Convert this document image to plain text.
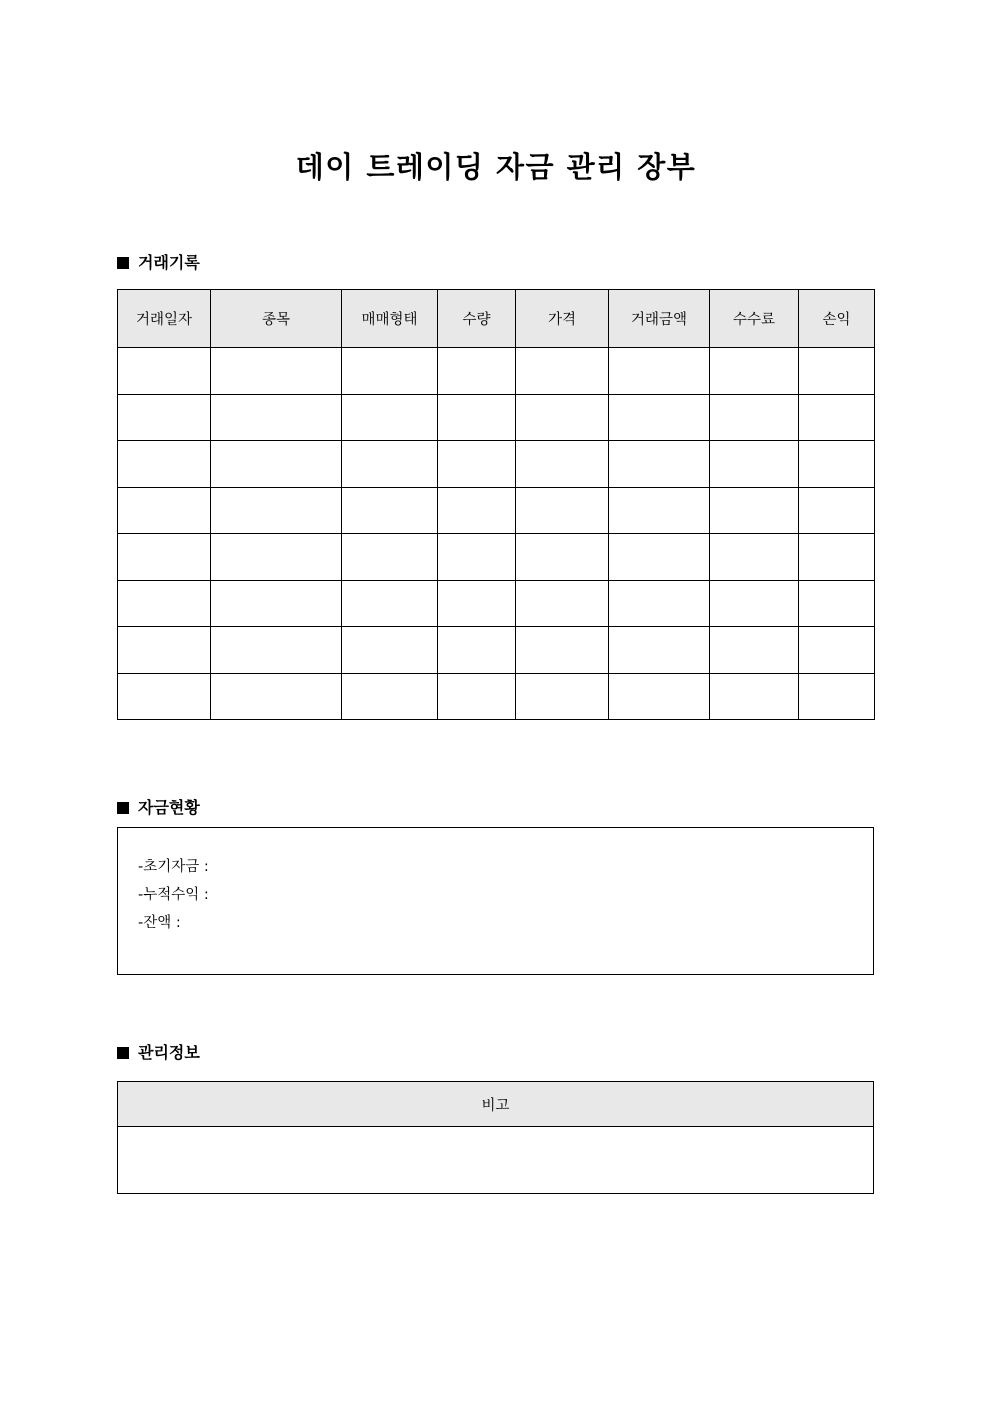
데이 트레이딩 자금 관리 장부
거래기록
거래일자	종목	매매형태	수량	가격	거래금액	수수료	손익

자금현황
-초기자금 :
-누적수익 :
-잔액 :
관리정보
비고
